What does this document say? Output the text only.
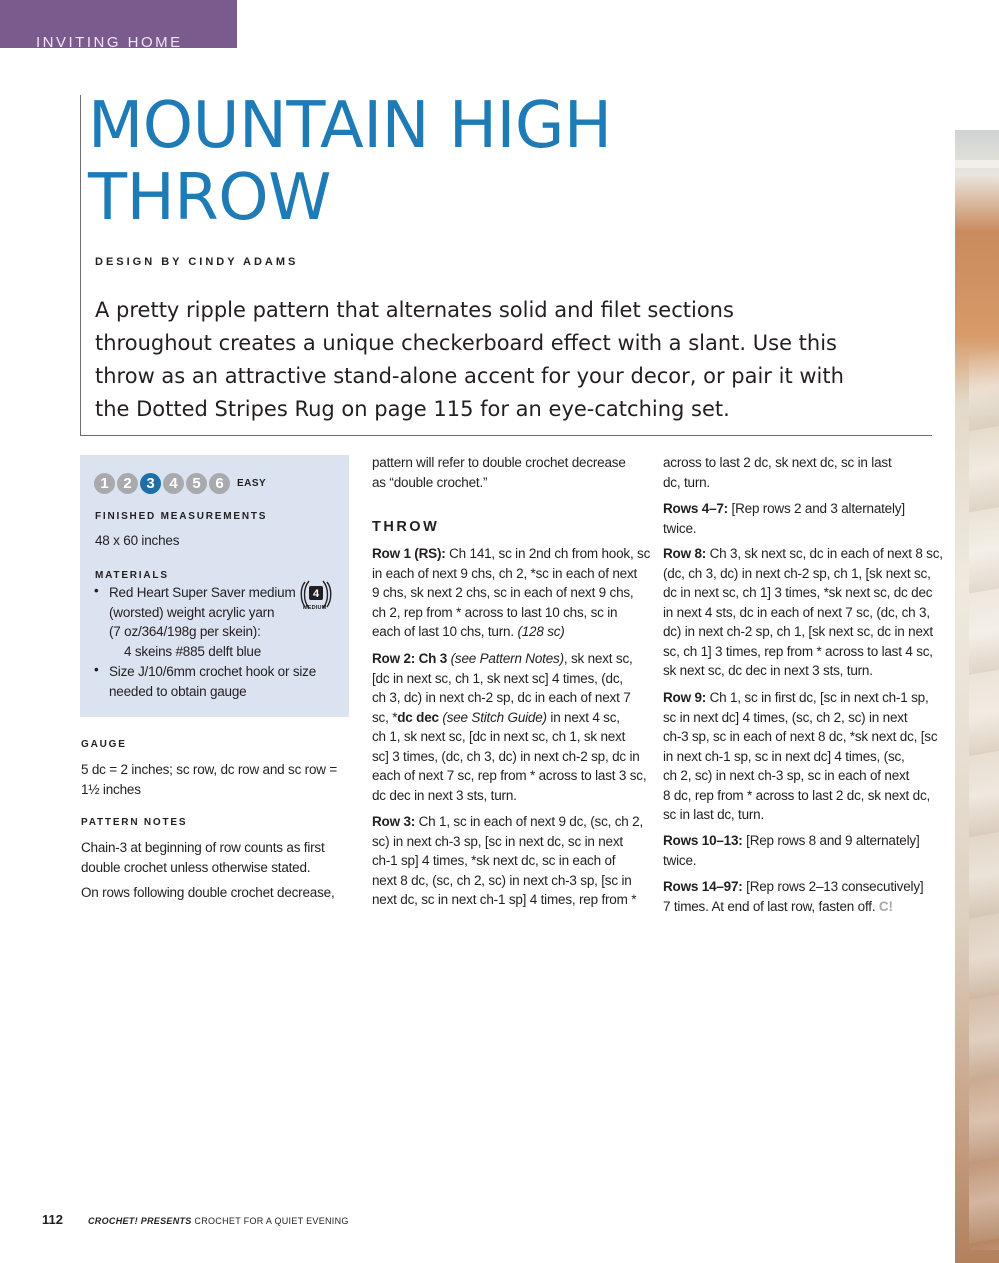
INVITING HOME
MOUNTAIN HIGH
THROW
DESIGN BY CINDY ADAMS

A pretty ripple pattern that alternates solid and filet sections throughout creates a unique checkerboard effect with a slant. Use this throw as an attractive stand-alone accent for your decor, or pair it with the Dotted Stripes Rug on page 115 for an eye-catching set.

1 2 3 4 5 6	EASY
FINISHED MEASUREMENTS
48 x 60 inches
MATERIALS
• Red Heart Super Saver medium
(worsted) weight acrylic yarn
(7 oz/364/198g per skein):
4 skeins #885 delft blue
4
MEDIUM
• Size J/10/6mm crochet hook or size
needed to obtain gauge
GAUGE
5 dc = 2 inches; sc row, dc row and sc row =
1½ inches
PATTERN NOTES
Chain-3 at beginning of row counts as first
double crochet unless otherwise stated.
On rows following double crochet decrease,
pattern will refer to double crochet decrease
as “double crochet.”
THROW
Row 1 (RS): Ch 141, sc in 2nd ch from hook, sc
in each of next 9 chs, ch 2, *sc in each of next
9 chs, sk next 2 chs, sc in each of next 9 chs,
ch 2, rep from * across to last 10 chs, sc in
each of last 10 chs, turn. (128 sc)
Row 2: Ch 3 (see Pattern Notes), sk next sc,
[dc in next sc, ch 1, sk next sc] 4 times, (dc,
ch 3, dc) in next ch-2 sp, dc in each of next 7
sc, *dc dec (see Stitch Guide) in next 4 sc,
ch 1, sk next sc, [dc in next sc, ch 1, sk next
sc] 3 times, (dc, ch 3, dc) in next ch-2 sp, dc in
each of next 7 sc, rep from * across to last 3 sc,
dc dec in next 3 sts, turn.
Row 3: Ch 1, sc in each of next 9 dc, (sc, ch 2,
sc) in next ch-3 sp, [sc in next dc, sc in next
ch-1 sp] 4 times, *sk next dc, sc in each of
next 8 dc, (sc, ch 2, sc) in next ch-3 sp, [sc in
next dc, sc in next ch-1 sp] 4 times, rep from *
across to last 2 dc, sk next dc, sc in last
dc, turn.
Rows 4–7: [Rep rows 2 and 3 alternately]
twice.
Row 8: Ch 3, sk next sc, dc in each of next 8 sc,
(dc, ch 3, dc) in next ch-2 sp, ch 1, [sk next sc,
dc in next sc, ch 1] 3 times, *sk next sc, dc dec
in next 4 sts, dc in each of next 7 sc, (dc, ch 3,
dc) in next ch-2 sp, ch 1, [sk next sc, dc in next
sc, ch 1] 3 times, rep from * across to last 4 sc,
sk next sc, dc dec in next 3 sts, turn.
Row 9: Ch 1, sc in first dc, [sc in next ch-1 sp,
sc in next dc] 4 times, (sc, ch 2, sc) in next
ch-3 sp, sc in each of next 8 dc, *sk next dc, [sc
in next ch-1 sp, sc in next dc] 4 times, (sc,
ch 2, sc) in next ch-3 sp, sc in each of next
8 dc, rep from * across to last 2 dc, sk next dc,
sc in last dc, turn.
Rows 10–13: [Rep rows 8 and 9 alternately]
twice.
Rows 14–97: [Rep rows 2–13 consecutively]
7 times. At end of last row, fasten off. C!
112	CROCHET! PRESENTS CROCHET FOR A QUIET EVENING
